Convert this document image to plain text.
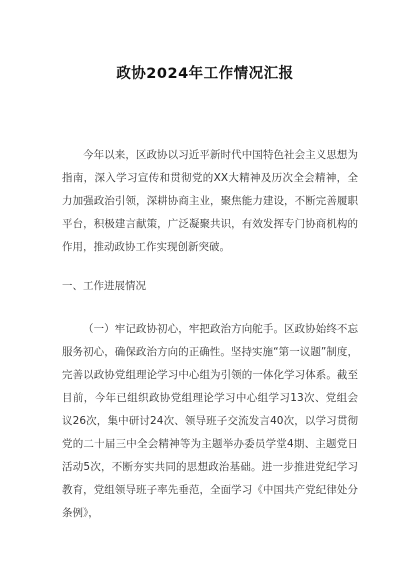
政协2024年工作情况汇报

今年以来，区政协以习近平新时代中国特色社会主义思想为指南，深入学习宣传和贯彻党的XX大精神及历次全会精神，全力加强政治引领，深耕协商主业，聚焦能力建设，不断完善履职平台，积极建言献策，广泛凝聚共识，有效发挥专门协商机构的作用，推动政协工作实现创新突破。

一、工作进展情况

（一）牢记政协初心，牢把政治方向舵手。区政协始终不忘服务初心，确保政治方向的正确性。坚持实施“第一议题”制度，完善以政协党组理论学习中心组为引领的一体化学习体系。截至目前，今年已组织政协党组理论学习中心组学习13次、党组会议26次，集中研讨24次、领导班子交流发言40次，以学习贯彻党的二十届三中全会精神等为主题举办委员学堂4期、主题党日活动5次，不断夯实共同的思想政治基础。进一步推进党纪学习教育，党组领导班子率先垂范，全面学习《中国共产党纪律处分条例》，
